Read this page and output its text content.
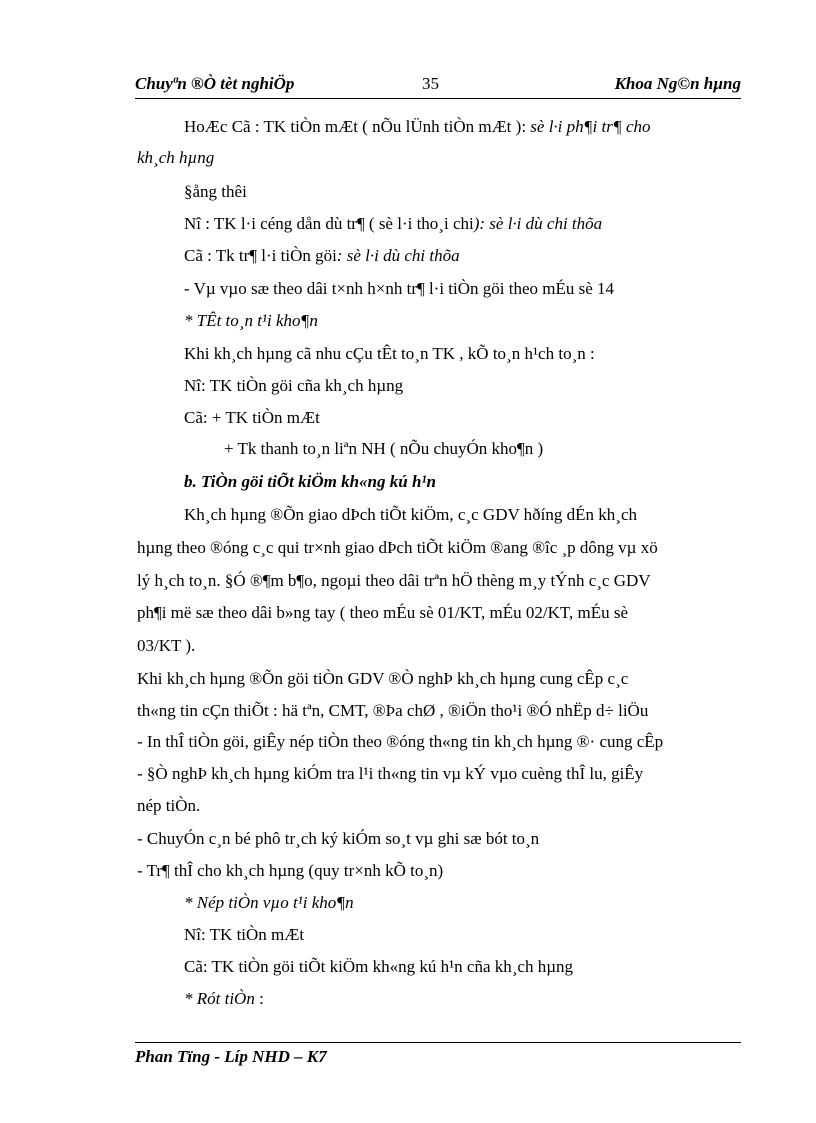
Chuyªn ®Ò tèt nghiÖp	35	Khoa Ng©n hµng
HoÆc Cã : TK tiÒn mÆt ( nÕu lÜnh tiÒn mÆt ): sè l·i ph¶i tr¶ cho
kh¸ch hµng
§ång thêi
Nî : TK l·i céng dån dù tr¶ ( sè l·i tho¸i chi): sè l·i dù chi thõa
Cã : Tk tr¶ l·i tiÒn göi: sè l·i dù chi thõa
- Vµ vµo sæ theo dâi t×nh h×nh tr¶ l·i tiÒn göi theo mÉu sè 14
* TÊt to¸n t¹i kho¶n
Khi kh¸ch hµng cã nhu cÇu tÊt to¸n TK , kÕ to¸n h¹ch to¸n :
Nî: TK tiÒn göi cña kh¸ch hµng
Cã: + TK tiÒn mÆt
+ Tk thanh to¸n liªn NH ( nÕu chuyÓn kho¶n )
b. TiÒn göi tiÕt kiÖm kh«ng kú h¹n
Kh¸ch hµng ®Õn giao dÞch tiÕt kiÖm, c¸c GDV hðíng dÉn kh¸ch
hµng theo ®óng c¸c qui tr×nh giao dÞch tiÕt kiÖm ®ang ®îc ¸p dông vµ xö
lý h¸ch to¸n. §Ó ®¶m b¶o, ngoµi theo dâi trªn hÖ thèng m¸y tÝnh c¸c GDV
ph¶i më sæ theo dâi b»ng tay ( theo mÉu sè 01/KT, mÉu 02/KT, mÉu sè
03/KT ).
Khi kh¸ch hµng ®Õn göi tiÒn GDV ®Ò nghÞ kh¸ch hµng cung cÊp c¸c
th«ng tin cÇn thiÕt : hä tªn, CMT, ®Þa chØ , ®iÖn tho¹i ®Ó nhËp d÷ liÖu
- In thÎ tiÒn göi, giÊy nép tiÒn theo ®óng th«ng tin kh¸ch hµng ®· cung cÊp
- §Ò nghÞ kh¸ch hµng kiÓm tra l¹i th«ng tin vµ kÝ vµo cuèng thÎ lu, giÊy
nép tiÒn.
- ChuyÓn c¸n bé phô tr¸ch ký kiÓm so¸t vµ ghi sæ bót to¸n
- Tr¶ thÎ cho kh¸ch hµng (quy tr×nh kÕ to¸n)
* Nép tiÒn vµo t¹i kho¶n
Nî: TK tiÒn mÆt
Cã: TK tiÒn göi tiÕt kiÖm kh«ng kú h¹n cña kh¸ch hµng
* Rót tiÒn :
Phan Tïng - Líp NHD – K7
